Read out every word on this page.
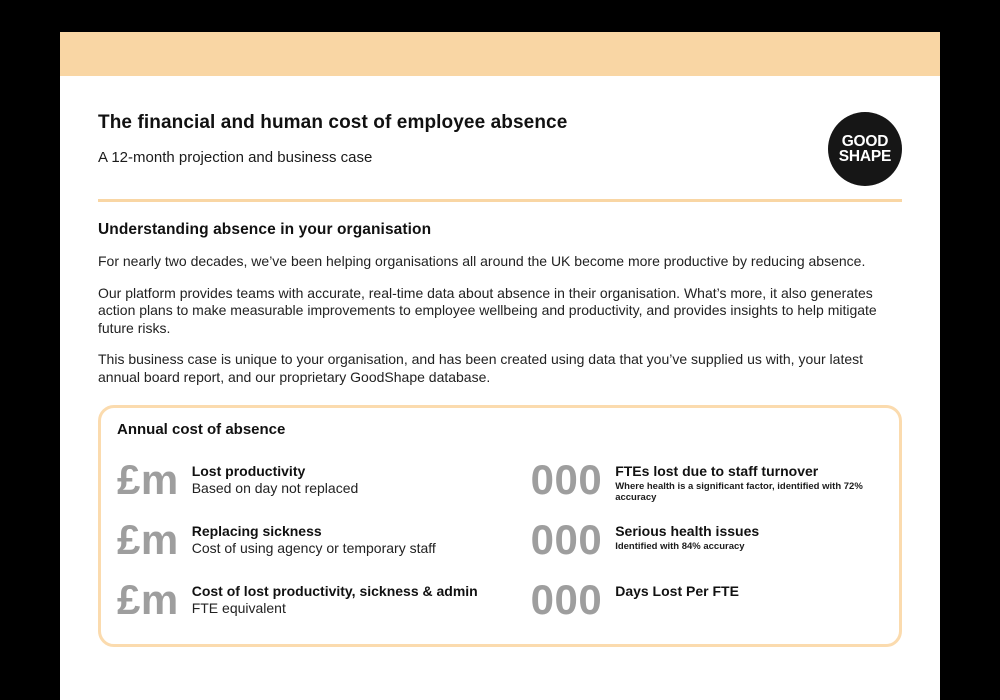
The financial and human cost of employee absence
A 12-month projection and business case
GOOD
SHAPE
Understanding absence in your organisation

For nearly two decades, we’ve been helping organisations all around the UK become more productive by reducing absence.

Our platform provides teams with accurate, real-time data about absence in their organisation. What’s more, it also generates action plans to make measurable improvements to employee wellbeing and productivity, and provides insights to help mitigate future risks.

This business case is unique to your organisation, and has been created using data that you’ve supplied us with, your latest annual board report, and our proprietary GoodShape database.

Annual cost of absence
£m Lost productivity
Based on day not replaced
£m Replacing sickness
Cost of using agency or temporary staff
£m Cost of lost productivity, sickness & admin
FTE equivalent
000 FTEs lost due to staff turnover
Where health is a significant factor, identified with 72% accuracy
000 Serious health issues
Identified with 84% accuracy
000 Days Lost Per FTE
